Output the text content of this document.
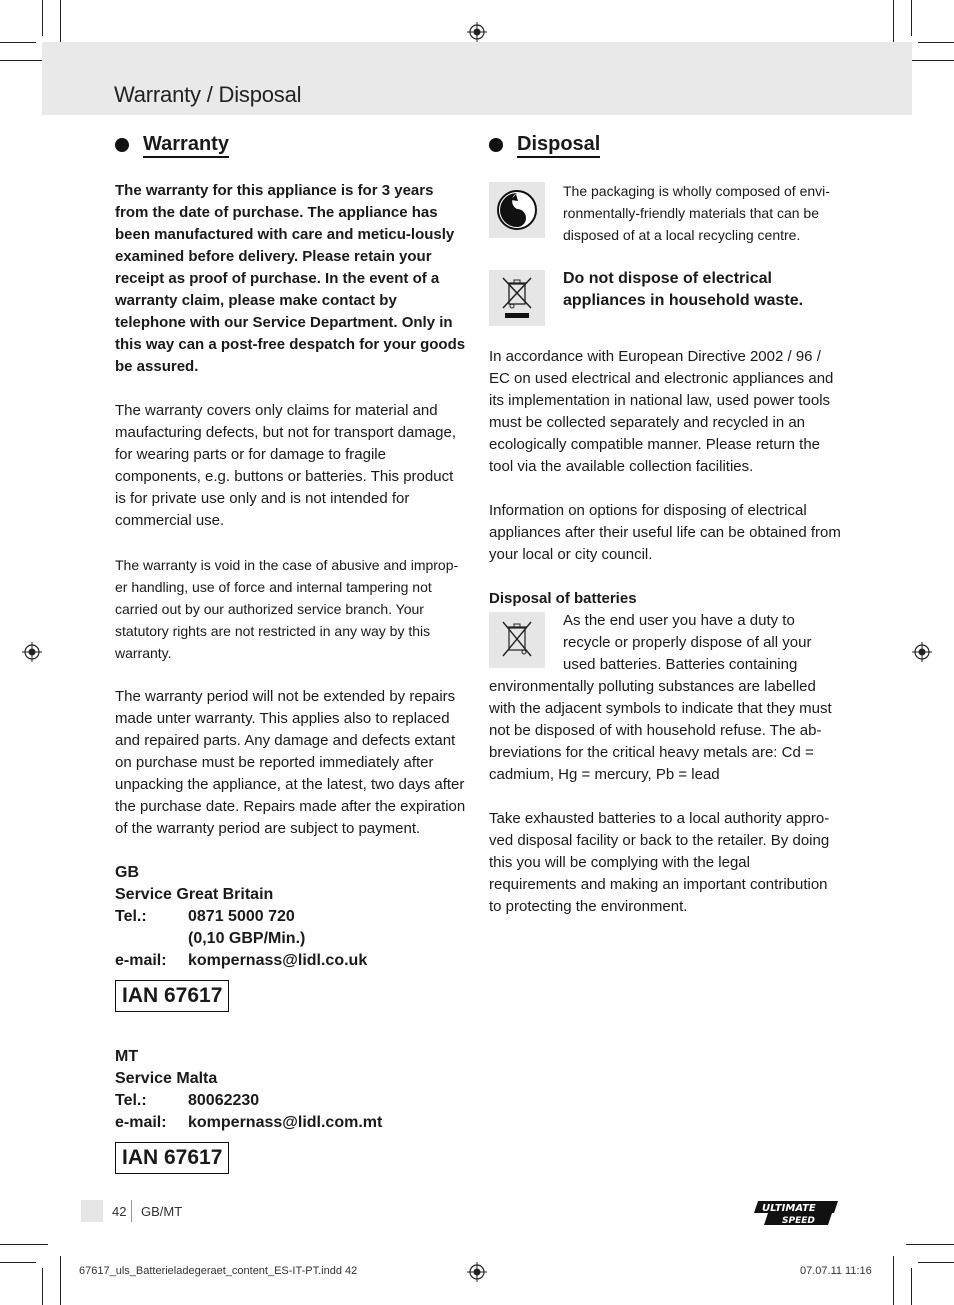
Warranty / Disposal
Warranty

The warranty for this appliance is for 3 years from the date of purchase. The appliance has been manufactured with care and meticu-lously examined before delivery. Please retain your receipt as proof of purchase. In the event of a warranty claim, please make contact by telephone with our Service Department. Only in this way can a post-free despatch for your goods be assured.

The warranty covers only claims for material and maufacturing defects, but not for transport damage, for wearing parts or for damage to fragile components, e.g. buttons or batteries. This product is for private use only and is not intended for commercial use.

The warranty is void in the case of abusive and improp-er handling, use of force and internal tampering not carried out by our authorized service branch. Your statutory rights are not restricted in any way by this warranty.

The warranty period will not be extended by repairs made unter warranty. This applies also to replaced and repaired parts. Any damage and defects extant on purchase must be reported immediately after unpacking the appliance, at the latest, two days after the purchase date. Repairs made after the expiration of the warranty period are subject to payment.

GB
Service Great Britain
Tel.:	0871 5000 720
(0,10 GBP/Min.)
e-mail:	kompernass@lidl.co.uk
IAN 67617
MT
Service Malta
Tel.:	80062230
e-mail:	kompernass@lidl.com.mt
IAN 67617
Disposal

The packaging is wholly composed of envi-ronmentally-friendly materials that can be disposed of at a local recycling centre.

Do not dispose of electrical appliances in household waste.

In accordance with European Directive 2002 / 96 / EC on used electrical and electronic appliances and its implementation in national law, used power tools must be collected separately and recycled in an ecologically compatible manner. Please return the tool via the available collection facilities.

Information on options for disposing of electrical appliances after their useful life can be obtained from your local or city council.

Disposal of batteries

As the end user you have a duty to recycle or properly dispose of all your used batteries. Batteries containing environmentally polluting substances are labelled with the adjacent symbols to indicate that they must not be disposed of with household refuse. The ab-breviations for the critical heavy metals are: Cd = cadmium, Hg = mercury, Pb = lead

Take exhausted batteries to a local authority appro-ved disposal facility or back to the retailer. By doing this you will be complying with the legal requirements and making an important contribution to protecting the environment.

42 GB/MT	ULTIMATE
SPEED
67617_uls_Batterieladegeraet_content_ES-IT-PT.indd 42	07.07.11 11:16
